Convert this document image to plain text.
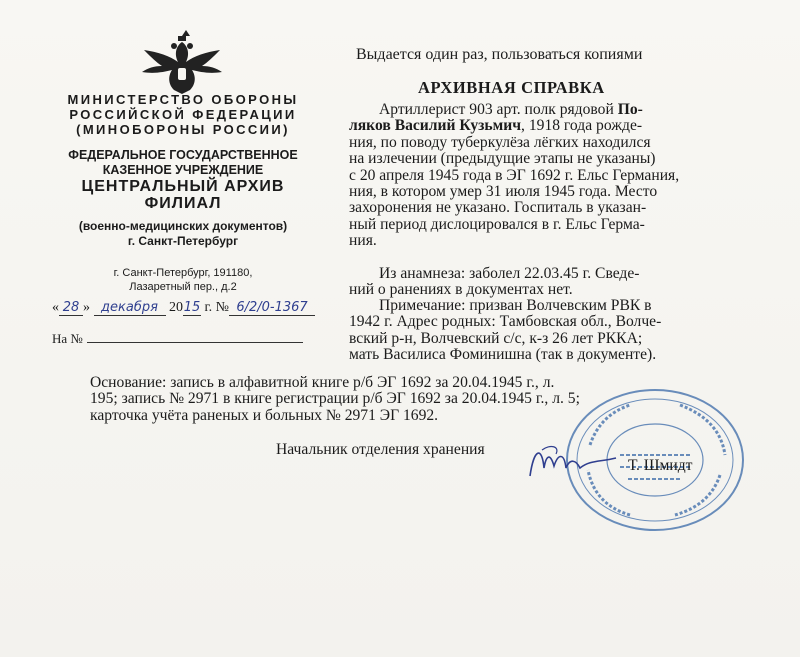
МИНИСТЕРСТВО ОБОРОНЫ
РОССИЙСКОЙ ФЕДЕРАЦИИ
(МИНОБОРОНЫ РОССИИ)
ФЕДЕРАЛЬНОЕ ГОСУДАРСТВЕННОЕ
КАЗЕННОЕ УЧРЕЖДЕНИЕ
ЦЕНТРАЛЬНЫЙ АРХИВ
ФИЛИАЛ
(военно-медицинских документов)
г. Санкт-Петербург
г. Санкт-Петербург, 191180,
Лазаретный пер., д.2
« 28 » декабря 2015 г. № 6/2/0-1367
На №
Выдается один раз, пользоваться копиями
АРХИВНАЯ СПРАВКА
Артиллерист 903 арт. полк рядовой По-
ляков Василий Кузьмич, 1918 года рожде-
ния, по поводу туберкулёза лёгких находился
на излечении (предыдущие этапы не указаны)
с 20 апреля 1945 года в ЭГ 1692 г. Ельс Германия,
ния, в котором умер 31 июля 1945 года. Место
захоронения не указано. Госпиталь в указан-
ный период дислоцировался в г. Ельс Герма-
ния.
Из анамнеза: заболел 22.03.45 г. Сведе-
ний о ранениях в документах нет.
Примечание: призван Волчевским РВК в
1942 г. Адрес родных: Тамбовская обл., Волче-
вский р-н, Волчевский с/с, к-з 26 лет РККА;
мать Василиса Фоминишна (так в документе).
Основание: запись в алфавитной книге р/б ЭГ 1692 за 20.04.1945 г., л.
195; запись № 2971 в книге регистрации р/б ЭГ 1692 за 20.04.1945 г., л. 5;
карточка учёта раненых и больных № 2971 ЭГ 1692.
Начальник отделения хранения
Т. Шмидт
